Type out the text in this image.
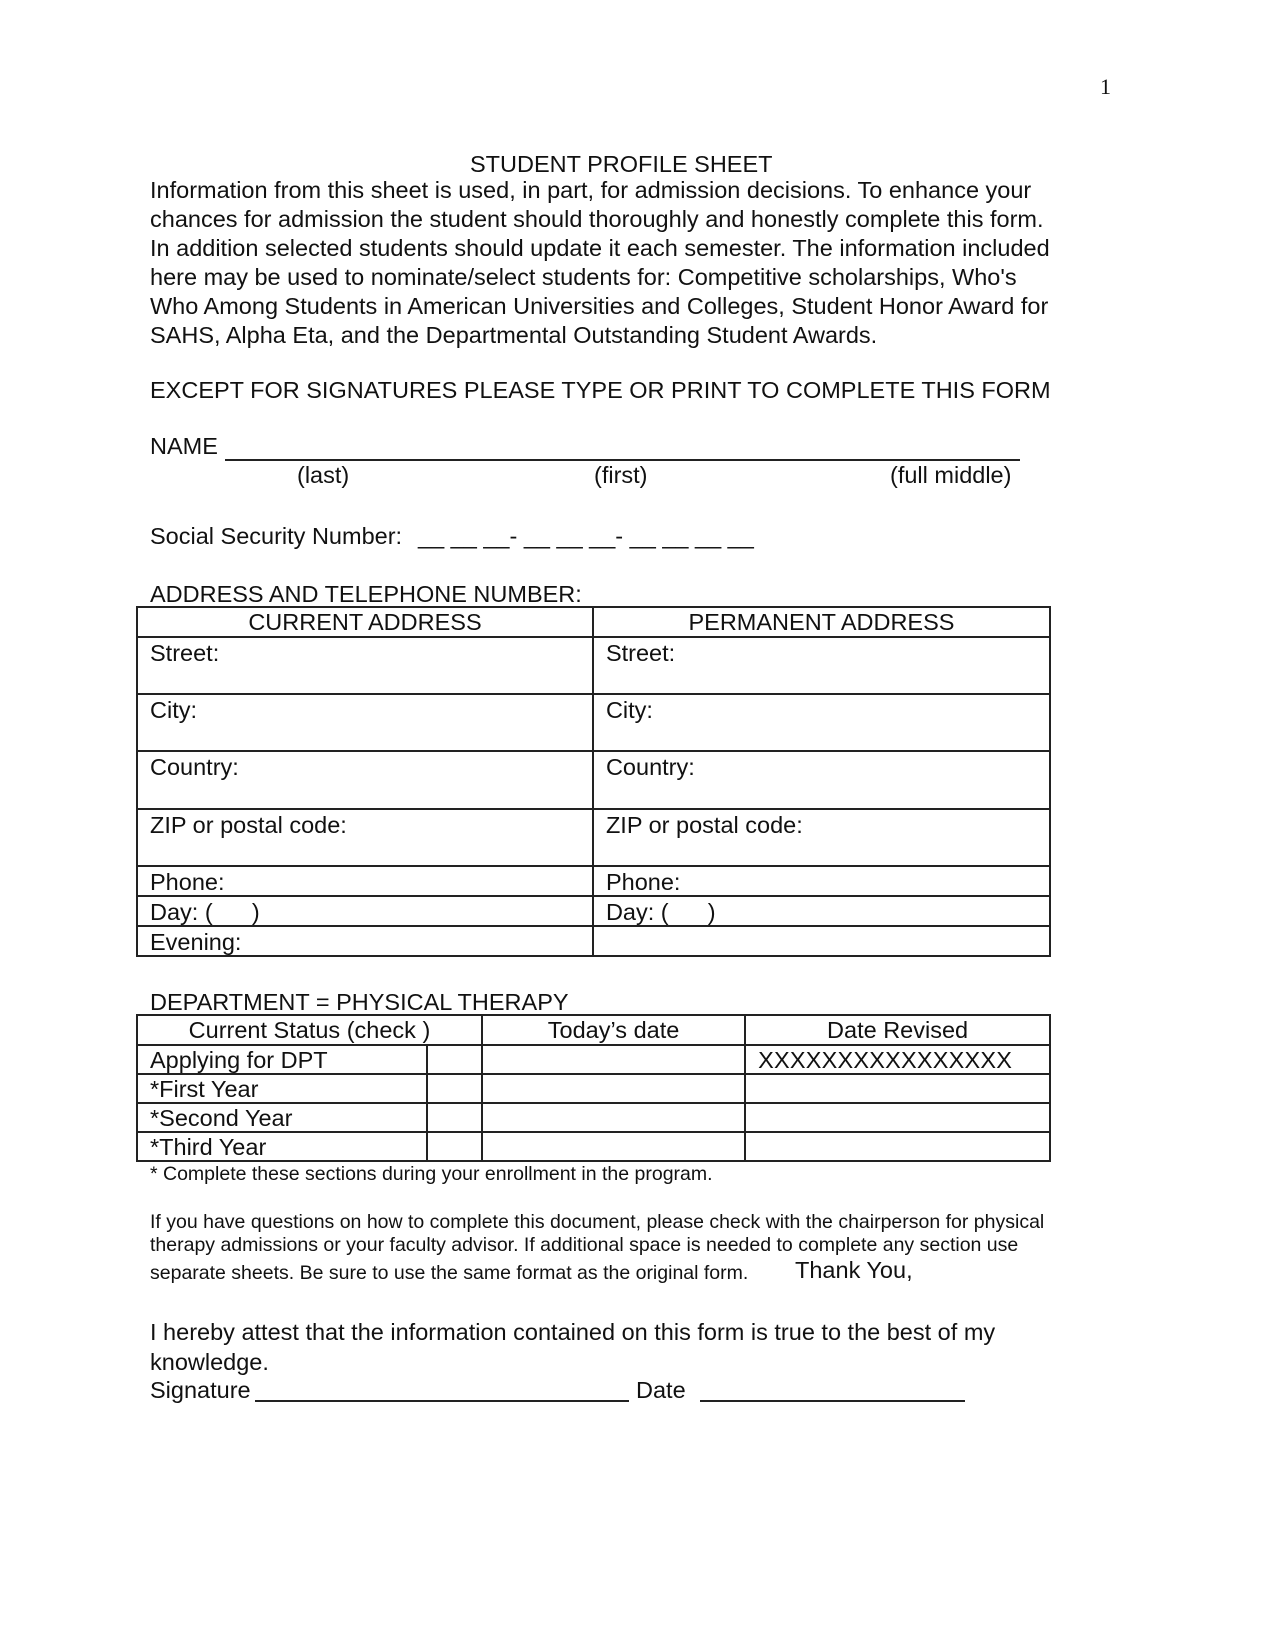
1
STUDENT PROFILE SHEET
Information from this sheet is used, in part, for admission decisions. To enhance your
chances for admission the student should thoroughly and honestly complete this form.
In addition selected students should update it each semester. The information included
here may be used to nominate/select students for: Competitive scholarships, Who's
Who Among Students in American Universities and Colleges, Student Honor Award for
SAHS, Alpha Eta, and the Departmental Outstanding Student Awards.
EXCEPT FOR SIGNATURES PLEASE TYPE OR PRINT TO COMPLETE THIS FORM
NAME
(last)	(first)	(full middle)
Social Security Number: __ __ __- __ __ __- __ __ __ __
ADDRESS AND TELEPHONE NUMBER:
CURRENT ADDRESS	PERMANENT ADDRESS
Street:	Street:
City:	City:
Country:	Country:
ZIP or postal code:	ZIP or postal code:
Phone:	Phone:
Day: (      )	Day: (      )
Evening:	
DEPARTMENT = PHYSICAL THERAPY
Current Status (check )		Today’s date	Date Revised
Applying for DPT			XXXXXXXXXXXXXXXX
*First Year			
*Second Year			
*Third Year			
* Complete these sections during your enrollment in the program.
If you have questions on how to complete this document, please check with the chairperson for physical
therapy admissions or your faculty advisor. If additional space is needed to complete any section use
separate sheets. Be sure to use the same format as the original form. Thank You,
I hereby attest that the information contained on this form is true to the best of my
knowledge.
Signature	Date
